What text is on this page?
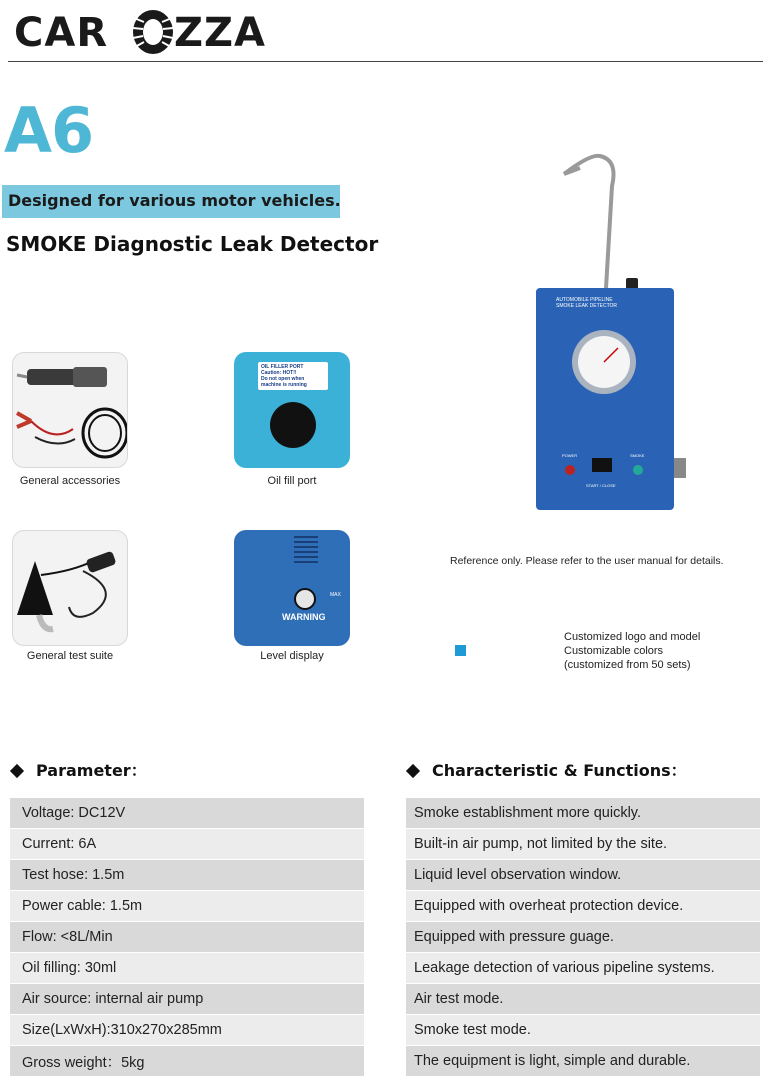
CAR ZZA
A6
Designed for various motor vehicles.
SMOKE Diagnostic Leak Detector
General accessories
OIL FILLER PORT
Caution: HOT!!
Do not open when
machine is running
Oil fill port
General test suite
MAX
WARNING
Level display
AUTOMOBILE PIPELINE
SMOKE LEAK DETECTOR
POWER	SMOKE
START / CLOSE
Reference only. Please refer to the user manual for details.
Customized logo and model
Customizable colors
(customized from 50 sets)
Parameter：
Voltage: DC12V
Current: 6A
Test hose: 1.5m
Power cable: 1.5m
Flow: <8L/Min
Oil filling: 30ml
Air source: internal air pump
Size(LxWxH):310x270x285mm
Gross weight：5kg
Characteristic & Functions：
Smoke establishment more quickly.
Built-in air pump, not limited by the site.
Liquid level observation window.
Equipped with overheat protection device.
Equipped with pressure guage.
Leakage detection of various pipeline systems.
Air test mode.
Smoke test mode.
The equipment is light, simple and durable.
